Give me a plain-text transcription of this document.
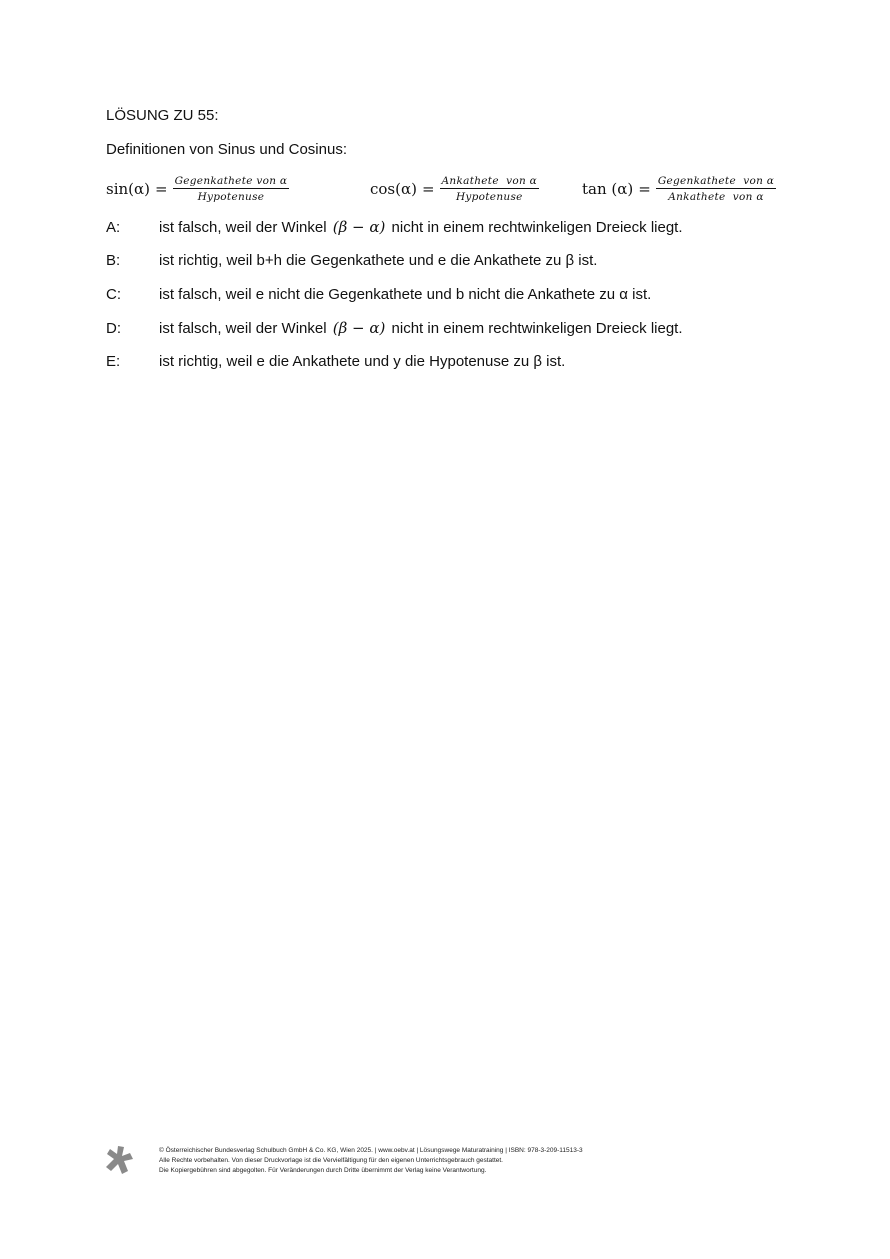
LÖSUNG ZU 55:
Definitionen von Sinus und Cosinus:
$\sin(\alpha) = \frac{\text{Gegenkathete von α}}{\text{Hypotenuse}}$	$\cos(\alpha) = \frac{\text{Ankathete  von α}}{\text{Hypotenuse}}$	$\tan (\alpha) = \frac{\text{Gegenkathete  von α}}{\text{Ankathete  von α}}$
A:	ist falsch, weil der Winkel
(β − α)
nicht in einem rechtwinkeligen Dreieck liegt.
B:	ist richtig, weil b+h die Gegenkathete und e die Ankathete zu β ist.
C:	ist falsch, weil e nicht die Gegenkathete und b nicht die Ankathete zu α ist.
D:	ist falsch, weil der Winkel
(β − α)
nicht in einem rechtwinkeligen Dreieck liegt.
E:	ist richtig, weil e die Ankathete und y die Hypotenuse zu β ist.
© Österreichischer Bundesverlag Schulbuch GmbH & Co. KG, Wien 2025. | www.oebv.at | Lösungswege Maturatraining | ISBN: 978-3-209-11513-3
Alle Rechte vorbehalten. Von dieser Druckvorlage ist die Vervielfältigung für den eigenen Unterrichtsgebrauch gestattet.
Die Kopiergebühren sind abgegolten. Für Veränderungen durch Dritte übernimmt der Verlag keine Verantwortung.
